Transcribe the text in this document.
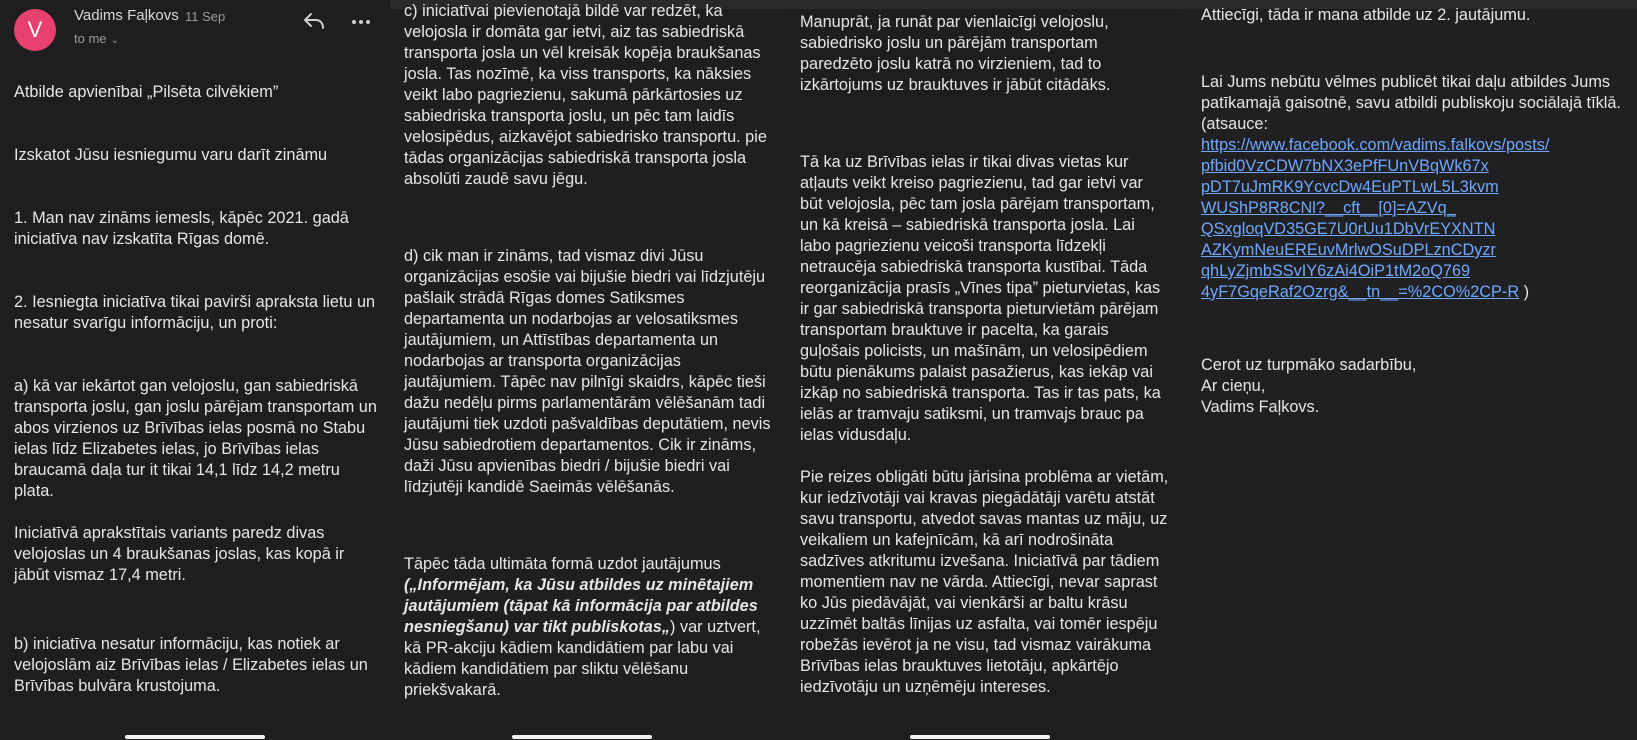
V
Vadims Faļkovs 11 Sep
to me ⌄

Atbilde apvienībai „Pilsēta cilvēkiem”

Izskatot Jūsu iesniegumu varu darīt zināmu

1. Man nav zināms iemesls, kāpēc 2021. gadā iniciatīva nav izskatīta Rīgas domē.

2. Iesniegta iniciatīva tikai pavirši apraksta lietu un nesatur svarīgu informāciju, un proti:

a) kā var iekārtot gan velojoslu, gan sabiedriskā transporta joslu, gan joslu pārējam transportam un abos virzienos uz Brīvības ielas posmā no Stabu ielas līdz Elizabetes ielas, jo Brīvības ielas braucamā daļa tur it tikai 14,1 līdz 14,2 metru plata.

Iniciatīvā aprakstītais variants paredz divas velojoslas un 4 braukšanas joslas, kas kopā ir jābūt vismaz 17,4 metri.

b) iniciatīva nesatur informāciju, kas notiek ar velojoslām aiz Brīvības ielas / Elizabetes ielas un Brīvības bulvāra krustojuma.

c) iniciatīvai pievienotajā bildē var redzēt, ka velojosla ir domāta gar ietvi, aiz tas sabiedriskā transporta josla un vēl kreisāk kopēja braukšanas josla. Tas nozīmē, ka viss transports, ka nāksies veikt labo pagriezienu, sakumā pārkārtosies uz sabiedriska transporta joslu, un pēc tam laidīs velosipēdus, aizkavējot sabiedrisko transportu. pie tādas organizācijas sabiedriskā transporta josla absolūti zaudē savu jēgu.

d) cik man ir zināms, tad vismaz divi Jūsu organizācijas esošie vai bijušie biedri vai līdzjutēju pašlaik strādā Rīgas domes Satiksmes departamenta un nodarbojas ar velosatiksmes jautājumiem, un Attīstības departamenta un nodarbojas ar transporta organizācijas jautājumiem. Tāpēc nav pilnīgi skaidrs, kāpēc tieši dažu nedēļu pirms parlamentārām vēlēšanām tadi jautājumi tiek uzdoti pašvaldības deputātiem, nevis Jūsu sabiedrotiem departamentos. Cik ir zināms, daži Jūsu apvienības biedri / bijušie biedri vai līdzjutēji kandidē Saeimās vēlēšanās.

Tāpēc tāda ultimāta formā uzdot jautājumus („Informējam, ka Jūsu atbildes uz minētajiem jautājumiem (tāpat kā informācija par atbildes nesniegšanu) var tikt publiskotas„) var uztvert, kā PR-akciju kādiem kandidātiem par labu vai kādiem kandidātiem par sliktu vēlēšanu priekšvakarā.

Manuprāt, ja runāt par vienlaicīgi velojoslu, sabiedrisko joslu un pārējām transportam paredzēto joslu katrā no virzieniem, tad to izkārtojums uz brauktuves ir jābūt citādāks.

Tā ka uz Brīvības ielas ir tikai divas vietas kur atļauts veikt kreiso pagriezienu, tad gar ietvi var būt velojosla, pēc tam josla pārējam transportam, un kā kreisā – sabiedriskā transporta josla. Lai labo pagriezienu veicoši transporta līdzekļi netraucēja sabiedriskā transporta kustībai. Tāda reorganizācija prasīs „Vīnes tipa” pieturvietas, kas ir gar sabiedriskā transporta pieturvietām pārējam transportam brauktuve ir pacelta, ka garais guļošais policists, un mašīnām, un velosipēdiem būtu pienākums palaist pasažierus, kas iekāp vai izkāp no sabiedriskā transporta. Tas ir tas pats, ka ielās ar tramvaju satiksmi, un tramvajs brauc pa ielas vidusdaļu.

Pie reizes obligāti būtu jārisina problēma ar vietām, kur iedzīvotāji vai kravas piegādātāji varētu atstāt savu transportu, atvedot savas mantas uz māju, uz veikaliem un kafejnīcām, kā arī nodrošināta sadzīves atkritumu izvešana. Iniciatīvā par tādiem momentiem nav ne vārda. Attiecīgi, nevar saprast ko Jūs piedāvājāt, vai vienkārši ar baltu krāsu uzzīmēt baltās līnijas uz asfalta, vai tomēr iespēju robežās ievērot ja ne visu, tad vismaz vairākuma Brīvības ielas brauktuves lietotāju, apkārtējo iedzīvotāju un uzņēmēju intereses.

Attiecīgi, tāda ir mana atbilde uz 2. jautājumu.

Lai Jums nebūtu vēlmes publicēt tikai daļu atbildes Jums patīkamajā gaisotnē, savu atbildi publiskoju sociālajā tīklā. (atsauce:

https://www.facebook.com/vadims.falkovs/posts/
pfbid0VzCDW7bNX3ePfFUnVBqWk67x
pDT7uJmRK9YcvcDw4EuPTLwL5L3kvm
WUShP8R8CNl?__cft__[0]=AZVq_
QSxgloqVD35GE7U0rUu1DbVrEYXNTN
AZKymNeuEREuvMrlwOSuDPLznCDyzr
qhLyZjmbSSvIY6zAi4OiP1tM2oQ769
4yF7GqeRaf2Ozrg&__tn__=%2CO%2CP-R )

Cerot uz turpmāko sadarbību,

Ar cieņu,

Vadims Faļkovs.
